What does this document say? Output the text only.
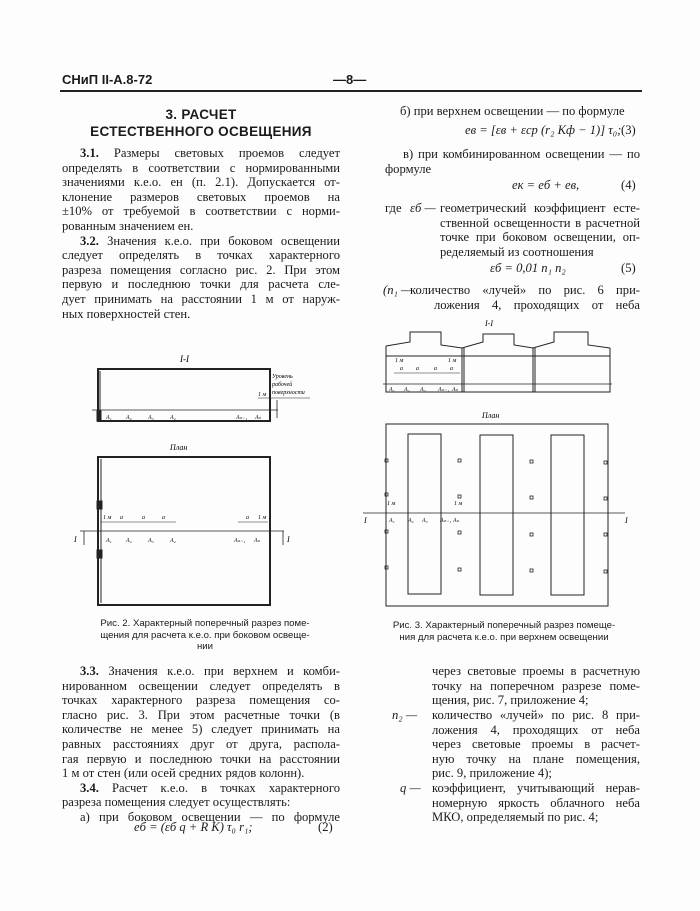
СНиП II-А.8-72	—8—
3. РАСЧЕТ
ЕСТЕСТВЕННОГО ОСВЕЩЕНИЯ
3.1. Размеры световых проемов следует
определять в соответствии с нормированными
значениями к.е.о. eн (п. 2.1). Допускается от-
клонение размеров световых проемов на
±10% от требуемой в соответствии с норми-
рованным значением eн.
3.2. Значения к.е.о. при боковом освещении
следует определять в точках характерного
разреза помещения согласно рис. 2. При этом
первую и последнюю точки для расчета сле-
дует принимать на расстоянии 1 м от наруж-
ных поверхностей стен.
б) при верхнем освещении — по формуле
eв = [εв + εср (r₂ Kф − 1)] τ₀; (3)
в) при комбинированном освещении — по
формуле
eк = eб + eв,	(4)
где εб — геометрический коэффициент есте-
ственной освещенности в расчетной
точке при боковом освещении, оп-
ределяемый из соотношения
εб = 0,01 n₁ n₂	(5)
(n₁ —
количество «лучей» по рис. 6 при-
ложения 4, проходящих от неба
I-I
План
Уровень
рабочей
поверхности
1 м
1 м a	a	a	a 1 м
I	I
A₁ A₂	A₃	A₄	Aₙ₋₁ Aₙ
A₁ A₂	A₃	A₄	Aₙ₋₁ Aₙ
I-I
План
1 м	1 м
a a	a a
1 м	1 м
I	I
A₁ A₂ A₃ Aₙ₋₁ Aₙ
A₁ A₂ A₃ Aₙ₋₁ Aₙ
Рис. 2. Характерный поперечный разрез поме-
щения для расчета к.е.о. при боковом освеще-
нии
Рис. 3. Характерный поперечный разрез помеще-
ния для расчета к.е.о. при верхнем освещении
3.3. Значения к.е.о. при верхнем и комби-
нированном освещении следует определять в
точках характерного разреза помещения со-
гласно рис. 3. При этом расчетные точки (в
количестве не менее 5) следует принимать на
равных расстояниях друг от друга, распола-
гая первую и последнюю точки на расстоянии
1 м от стен (или осей средних рядов колонн).
3.4. Расчет к.е.о. в точках характерного
разреза помещения следует осуществлять:
а) при боковом освещении — по формуле
eб = (εб q + R K) τ₀ r₁;	(2)
через световые проемы в расчетную
точку на поперечном разрезе поме-
щения, рис. 7, приложение 4;
n₂ — количество «лучей» по рис. 8 при-
ложения 4, проходящих от неба
через световые проемы в расчет-
ную точку на плане помещения,
рис. 9, приложение 4);
q — коэффициент, учитывающий нерав-
номерную яркость облачного неба
МКО, определяемый по рис. 4;
